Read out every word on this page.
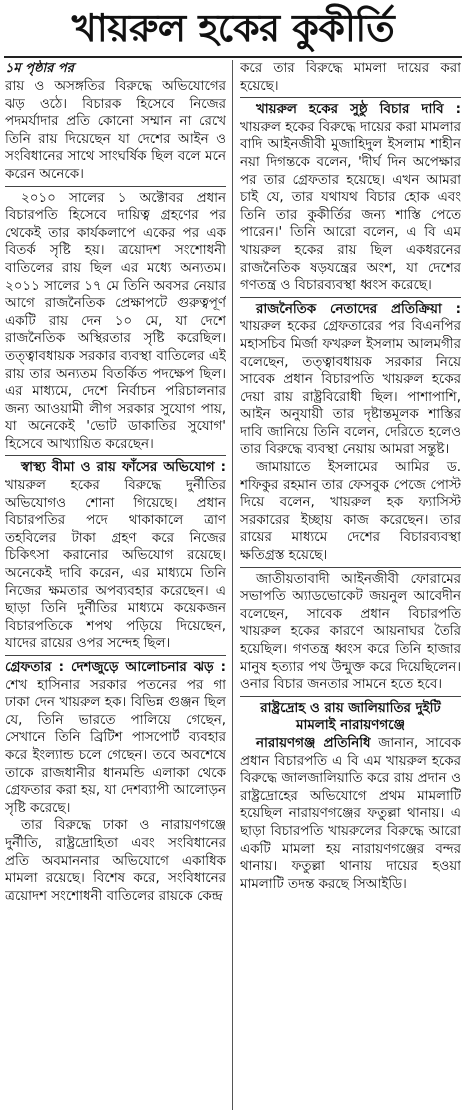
খায়রুল হকের কুকীর্তি
১ম পৃষ্ঠার পর

রায় ও অসঙ্গতির বিরুদ্ধে অভিযোগের ঝড় ওঠে। বিচারক হিসেবে নিজের পদমর্যাদার প্রতি কোনো সম্মান না রেখে তিনি রায় দিয়েছেন যা দেশের আইন ও সংবিধানের সাথে সাংঘর্ষিক ছিল বলে মনে করেন অনেকে।

২০১০ সালের ১ অক্টোবর প্রধান বিচারপতি হিসেবে দায়িত্ব গ্রহণের পর থেকেই তার কার্যকলাপে একের পর এক বিতর্ক সৃষ্টি হয়। ত্রয়োদশ সংশোধনী বাতিলের রায় ছিল এর মধ্যে অন্যতম। ২০১১ সালের ১৭ মে তিনি অবসর নেয়ার আগে রাজনৈতিক প্রেক্ষাপটে গুরুত্বপূর্ণ একটি রায় দেন ১০ মে, যা দেশে রাজনৈতিক অস্থিরতার সৃষ্টি করেছিল। তত্ত্বাবধায়ক সরকার ব্যবস্থা বাতিলের এই রায় তার অন্যতম বিতর্কিত পদক্ষেপ ছিল। এর মাধ্যমে, দেশে নির্বাচন পরিচালনার জন্য আওয়ামী লীগ সরকার সুযোগ পায়, যা অনেকেই 'ভোট ডাকাতির সুযোগ' হিসেবে আখ্যায়িত করেছেন।

স্বাস্থ্য বীমা ও রায় ফাঁসের অভিযোগ : খায়রুল হকের বিরুদ্ধে দুর্নীতির অভিযোগও শোনা গিয়েছে। প্রধান বিচারপতির পদে থাকাকালে ত্রাণ তহবিলের টাকা গ্রহণ করে নিজের চিকিৎসা করানোর অভিযোগ রয়েছে। অনেকেই দাবি করেন, এর মাধ্যমে তিনি নিজের ক্ষমতার অপব্যবহার করেছেন। এ ছাড়া তিনি দুর্নীতির মাধ্যমে কয়েকজন বিচারপতিকে শপথ পড়িয়ে দিয়েছেন, যাদের রায়ের ওপর সন্দেহ ছিল।

গ্রেফতার : দেশজুড়ে আলোচনার ঝড় : শেখ হাসিনার সরকার পতনের পর গা ঢাকা দেন খায়রুল হক। বিভিন্ন গুঞ্জন ছিল যে, তিনি ভারতে পালিয়ে গেছেন, সেখানে তিনি ব্রিটিশ পাসপোর্ট ব্যবহার করে ইংল্যান্ড চলে গেছেন। তবে অবশেষে তাকে রাজধানীর ধানমন্ডি এলাকা থেকে গ্রেফতার করা হয়, যা দেশব্যাপী আলোড়ন সৃষ্টি করেছে।

তার বিরুদ্ধে ঢাকা ও নারায়ণগঞ্জে দুর্নীতি, রাষ্ট্রদ্রোহিতা এবং সংবিধানের প্রতি অবমাননার অভিযোগে একাধিক মামলা রয়েছে। বিশেষ করে, সংবিধানের ত্রয়োদশ সংশোধনী বাতিলের রায়কে কেন্দ্র

করে তার বিরুদ্ধে মামলা দায়ের করা হয়েছে।

খায়রুল হকের সুষ্ঠু বিচার দাবি : খায়রুল হকের বিরুদ্ধে দায়ের করা মামলার বাদি আইনজীবী মুজাহিদুল ইসলাম শাহীন নয়া দিগন্তকে বলেন, 'দীর্ঘ দিন অপেক্ষার পর তার গ্রেফতার হয়েছে। এখন আমরা চাই যে, তার যথাযথ বিচার হোক এবং তিনি তার কুকীর্তির জন্য শাস্তি পেতে পারেন।' তিনি আরো বলেন, এ বি এম খায়রুল হকের রায় ছিল একধরনের রাজনৈতিক ষড়যন্ত্রের অংশ, যা দেশের গণতন্ত্র ও বিচারব্যবস্থা ধ্বংস করেছে।

রাজনৈতিক নেতাদের প্রতিক্রিয়া : খায়রুল হকের গ্রেফতারের পর বিএনপির মহাসচিব মির্জা ফখরুল ইসলাম আলমগীর বলেছেন, তত্ত্বাবধায়ক সরকার নিয়ে সাবেক প্রধান বিচারপতি খায়রুল হকের দেয়া রায় রাষ্ট্রবিরোধী ছিল। পাশাপাশি, আইন অনুযায়ী তার দৃষ্টান্তমূলক শাস্তির দাবি জানিয়ে তিনি বলেন, দেরিতে হলেও তার বিরুদ্ধে ব্যবস্থা নেয়ায় আমরা সন্তুষ্ট।

জামায়াতে ইসলামের আমির ড. শফিকুর রহমান তার ফেসবুক পেজে পোস্ট দিয়ে বলেন, খায়রুল হক ফ্যাসিস্ট সরকারের ইচ্ছায় কাজ করেছেন। তার রায়ের মাধ্যমে দেশের বিচারব্যবস্থা ক্ষতিগ্রস্ত হয়েছে।

জাতীয়তাবাদী আইনজীবী ফোরামের সভাপতি অ্যাডভোকেট জয়নুল আবেদীন বলেছেন, সাবেক প্রধান বিচারপতি খায়রুল হকের কারণে আয়নাঘর তৈরি হয়েছিল। গণতন্ত্র ধ্বংস করে তিনি হাজার মানুষ হত্যার পথ উন্মুক্ত করে দিয়েছিলেন। ওনার বিচার জনতার সামনে হতে হবে।

রাষ্ট্রদ্রোহ ও রায় জালিয়াতির দুইটি মামলাই নারায়ণগঞ্জে

নারায়ণগঞ্জ প্রতিনিধি জানান, সাবেক প্রধান বিচারপতি এ বি এম খায়রুল হকের বিরুদ্ধে জালজালিয়াতি করে রায় প্রদান ও রাষ্ট্রদ্রোহের অভিযোগে প্রথম মামলাটি হয়েছিল নারায়ণগঞ্জের ফতুল্লা থানায়। এ ছাড়া বিচারপতি খায়রুলের বিরুদ্ধে আরো একটি মামলা হয় নারায়ণগঞ্জের বন্দর থানায়। ফতুল্লা থানায় দায়ের হওয়া মামলাটি তদন্ত করছে সিআইডি।
